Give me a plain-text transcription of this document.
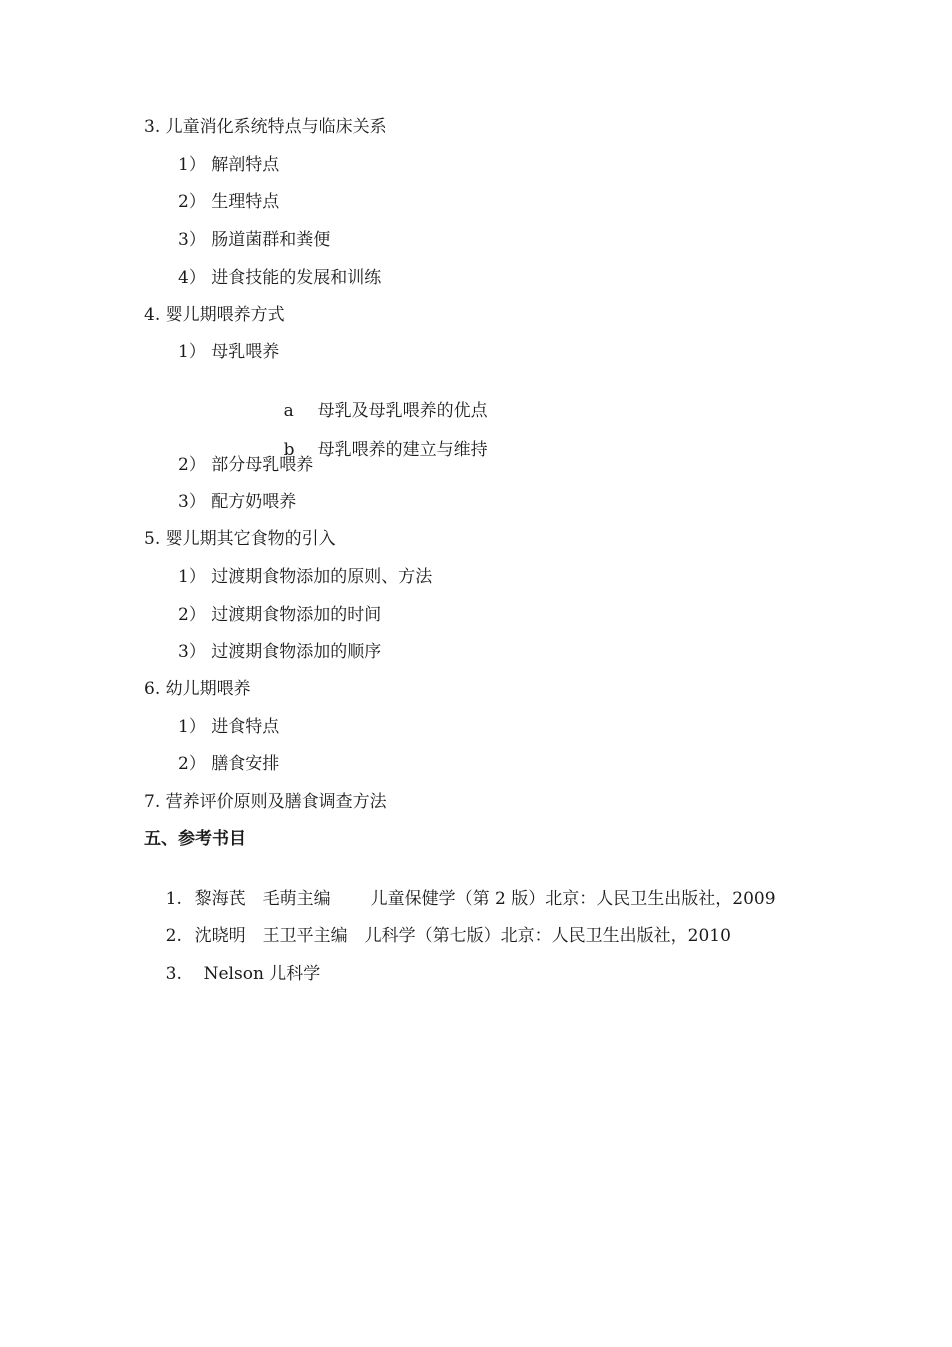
3. 儿童消化系统特点与临床关系
1） 解剖特点
2） 生理特点
3） 肠道菌群和粪便
4） 进食技能的发展和训练
4. 婴儿期喂养方式
1） 母乳喂养

a 母乳及母乳喂养的优点

b 母乳喂养的建立与维持

2） 部分母乳喂养
3） 配方奶喂养
5. 婴儿期其它食物的引入
1） 过渡期食物添加的原则、方法
2） 过渡期食物添加的时间
3） 过渡期食物添加的顺序
6. 幼儿期喂养
1） 进食特点
2） 膳食安排
7. 营养评价原则及膳食调查方法
五、参考书目

1. 黎海芪　毛萌主编 儿童保健学（第 2 版）北京：人民卫生出版社，2009

2. 沈晓明　王卫平主编 儿科学（第七版）北京：人民卫生出版社，2010

3. Nelson 儿科学
